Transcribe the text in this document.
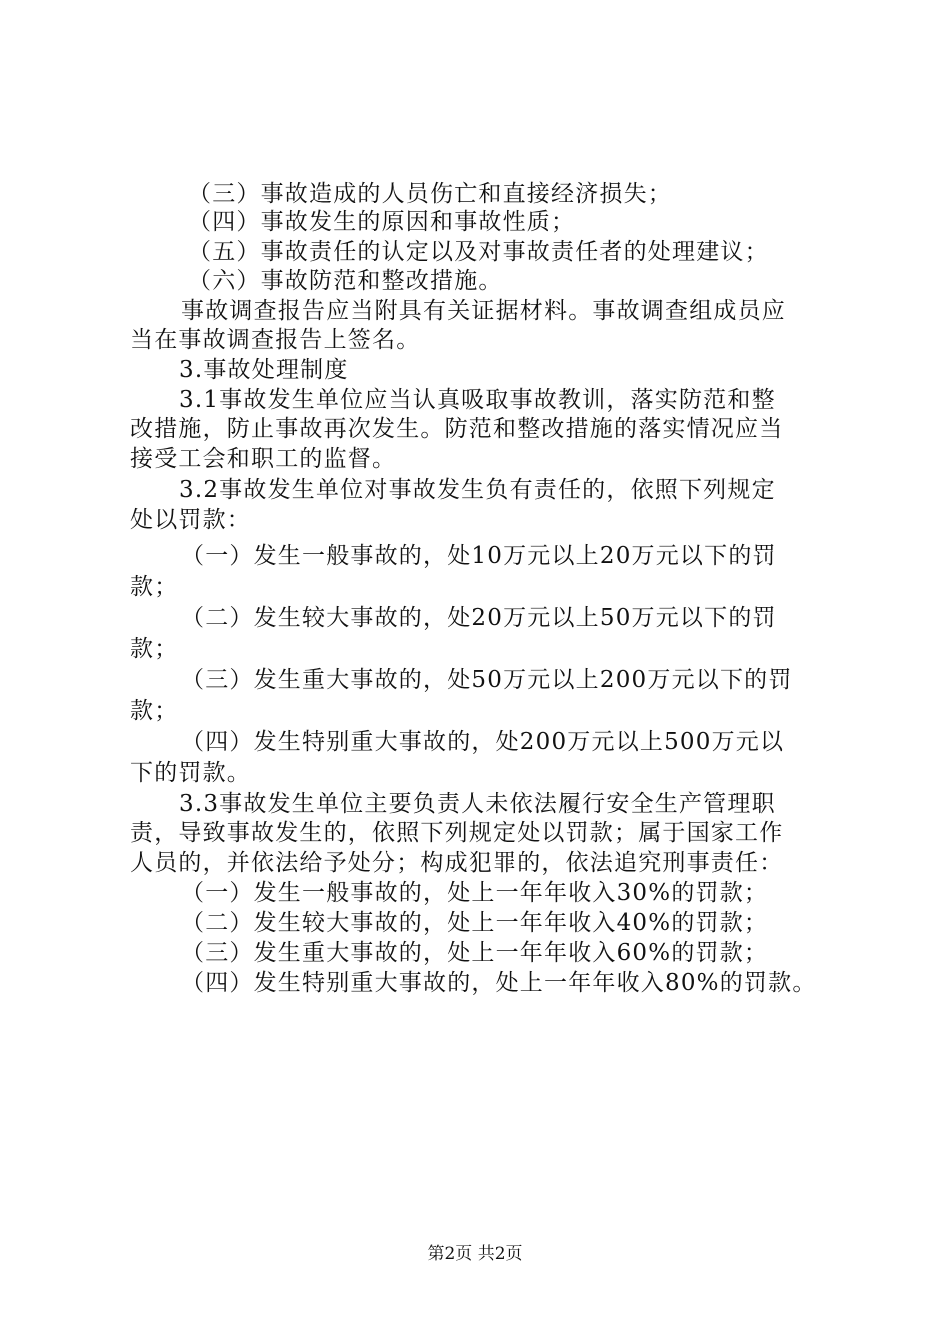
（三）事故造成的人员伤亡和直接经济损失；
（四）事故发生的原因和事故性质；
（五）事故责任的认定以及对事故责任者的处理建议；
（六）事故防范和整改措施。
事故调查报告应当附具有关证据材料。事故调查组成员应
当在事故调查报告上签名。
3.事故处理制度
3.1事故发生单位应当认真吸取事故教训，落实防范和整
改措施，防止事故再次发生。防范和整改措施的落实情况应当
接受工会和职工的监督。
3.2事故发生单位对事故发生负有责任的，依照下列规定
处以罚款：
（一）发生一般事故的，处10万元以上20万元以下的罚
款；
（二）发生较大事故的，处20万元以上50万元以下的罚
款；
（三）发生重大事故的，处50万元以上200万元以下的罚
款；
（四）发生特别重大事故的，处200万元以上500万元以
下的罚款。
3.3事故发生单位主要负责人未依法履行安全生产管理职
责，导致事故发生的，依照下列规定处以罚款；属于国家工作
人员的，并依法给予处分；构成犯罪的，依法追究刑事责任：
（一）发生一般事故的，处上一年年收入30%的罚款；
（二）发生较大事故的，处上一年年收入40%的罚款；
（三）发生重大事故的，处上一年年收入60%的罚款；
（四）发生特别重大事故的，处上一年年收入80%的罚款。
第2页 共2页
